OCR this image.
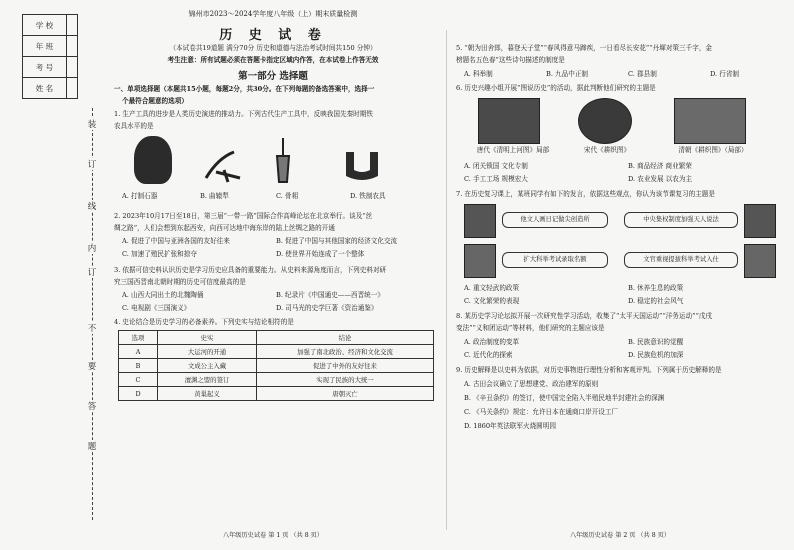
学 校	
年 班	
考 号	
姓 名	
装
订
线
内
订
不
要
答
题
锦州市2023～2024学年度八年级（上）期末质量检测
历 史 试 卷
（本试卷共19道题 满分70分 历史和道德与法治考试时间共150 分钟）
考生注意：所有试题必须在答题卡指定区域内作答，在本试卷上作答无效
第一部分 选择题
一、单项选择题（本题共15小题，每题2分，共30分。在下列每题的备选答案中，选择一
个最符合题意的选项）
1. 生产工具的进步是人类历史演进的推动力。下列古代生产工具中，反映我国先秦时期铁
农具水平的是
A. 打制石器	B. 曲辕犁	C. 骨耜	D. 铁制农具
2. 2023年10月17日至18日，第三届“一带一路”国际合作高峰论坛在北京举行。谈及“丝
绸之路”，人们会想到东起西安，向西可达地中海东岸的陆上丝绸之路的开通
A. 促进了中国与亚洲各国的友好往来	B. 促进了中国与其他国家的经济文化交流
C. 加速了殖民扩张和掠夺	D. 使世界开始连成了一个整体
3. 依据可信史料认识历史是学习历史应具备的重要能力。从史料来源角度而言，下列史料对研
究三国西晋南北朝时期的历史可信度最高的是
A. 山西大同出土的北魏陶俑	B. 纪录片《中国通史——西晋统一》
C. 电视剧《三国演义》	D. 司马光的史学巨著《资治通鉴》
4. 史论结合是历史学习的必备素养。下列史实与结论相符的是
选项	史实	结论
A	大运河的开通	加强了南北政治、经济和文化交流
B	文成公主入藏	促进了中外的友好往来
C	澶渊之盟的签订	实现了民族的大统一
D	黄巢起义	唐朝灭亡
八年级历史试卷 第 1 页 （共 8 页）
5. “朝为田舍郎，暮登天子堂”“春风得意马蹄疾，一日看尽长安花”“丹墀对策三千字，金
榜题名五色春”这些诗句描述的制度是
A. 科举制	B. 九品中正制	C. 郡县制	D. 行省制
6. 历史兴趣小组开展“图说历史”的活动，据此判断他们研究的主题是
唐代《清明上河图》局部	宋代《耕织图》	清朝《耕织图》（局部）
A. 闭关锁国 文化专制	B. 商品经济 商业繁荣
C. 手工工场 规模宏大	D. 农业发展 以农为主
7. 在历史复习课上，某班同学有如下的发言，依据这些观点，你认为该节课复习的主题是
他文人画日记做尖创造所	中央集权制度加强天人说法
扩大科举考试录取名额	文官重视提拔科举考试入仕
A. 重文轻武的政策	B. 休养生息的政策
C. 文化繁荣的表现	D. 稳定的社会风气
8. 某历史学习论坛拟开展一次研究性学习活动，收集了“太平天国运动”“洋务运动”“戊戌
变法”“义和团运动”等材料，他们研究的主题应该是
A. 政治制度的变革	B. 民族意识的觉醒
C. 近代化的探索	D. 民族危机的加深
9. 历史解释是以史料为依据，对历史事物进行理性分析和客观评判。下列属于历史解释的是
A. 古田会议确立了思想建党、政治建军的原则
B. 《辛丑条约》的签订，使中国完全陷入半殖民地半封建社会的深渊
C. 《马关条约》规定：允许日本在通商口岸开设工厂
D. 1860年英法联军火烧圆明园
八年级历史试卷 第 2 页 （共 8 页）
